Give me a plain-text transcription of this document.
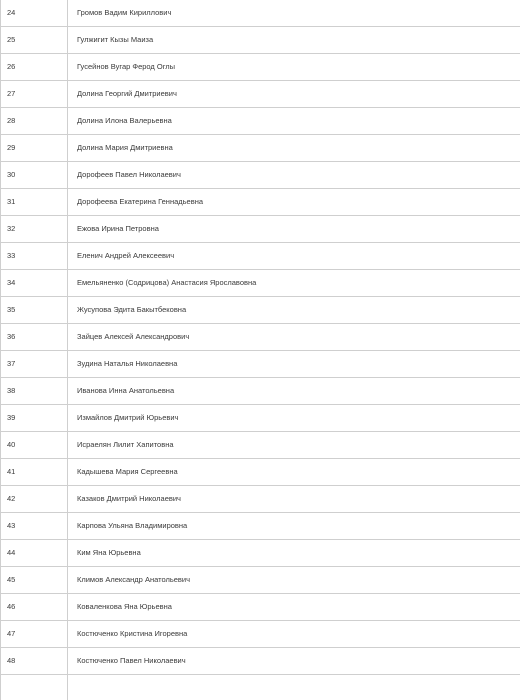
24	Громов Вадим Кириллович
25	Гулжигит Кызы Маиза
26	Гусейнов Вугар Ферод Оглы
27	Долина Георгий Дмитриевич
28	Долина Илона Валерьевна
29	Долина Мария Дмитриевна
30	Дорофеев Павел Николаевич
31	Дорофеева Екатерина Геннадьевна
32	Ежова Ирина Петровна
33	Еленич Андрей Алексеевич
34	Емельяненко (Содрицова) Анастасия Ярославовна
35	Жусупова Эдита Бакытбековна
36	Зайцев Алексей Александрович
37	Зудина Наталья Николаевна
38	Иванова Инна Анатольевна
39	Измайлов Дмитрий Юрьевич
40	Исраелян Лилит Хапитовна
41	Кадышева Мария Сергеевна
42	Казаков Дмитрий Николаевич
43	Карпова Ульяна Владимировна
44	Ким Яна Юрьевна
45	Климов Александр Анатольевич
46	Коваленкова Яна Юрьевна
47	Костюченко Кристина Игоревна
48	Костюченко Павел Николаевич
